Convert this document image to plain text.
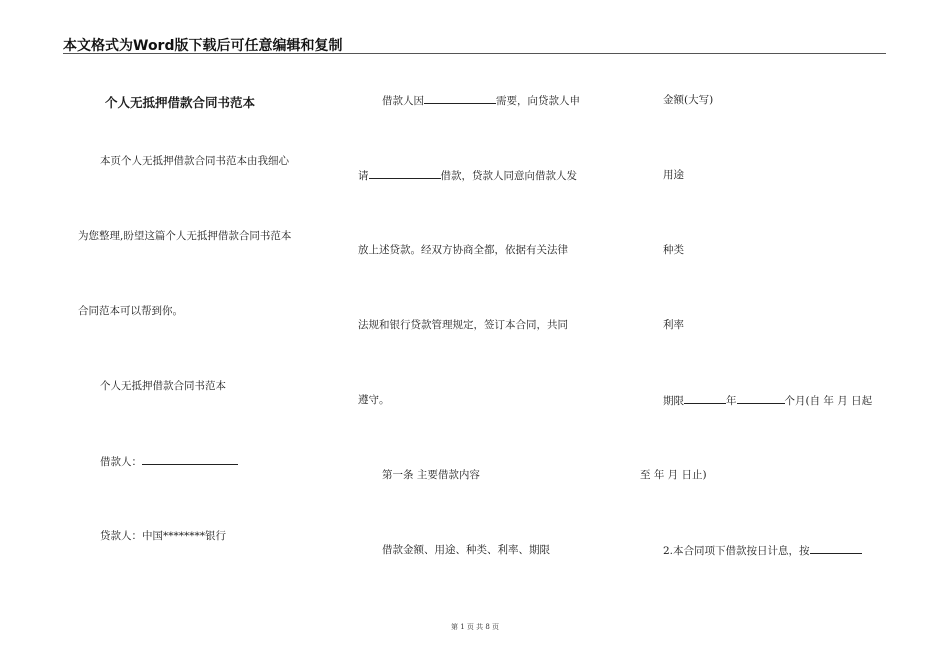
本文格式为Word版下载后可任意编辑和复制
个人无抵押借款合同书范本
本页个人无抵押借款合同书范本由我细心
为您整理,盼望这篇个人无抵押借款合同书范本
合同范本可以帮到你。
个人无抵押借款合同书范本
借款人：
贷款人：中国********银行
借款人因	需要，向贷款人申
请	借款，贷款人同意向借款人发
放上述贷款。经双方协商全都，依据有关法律
法规和银行贷款管理规定，签订本合同，共同
遵守。
第一条 主要借款内容
借款金额、用途、种类、利率、期限
金额(大写)
用途
种类
利率
期限	年	个月(自 年 月 日起
至 年 月 日止)
2.本合同项下借款按日计息，按
第 1 页 共 8 页
